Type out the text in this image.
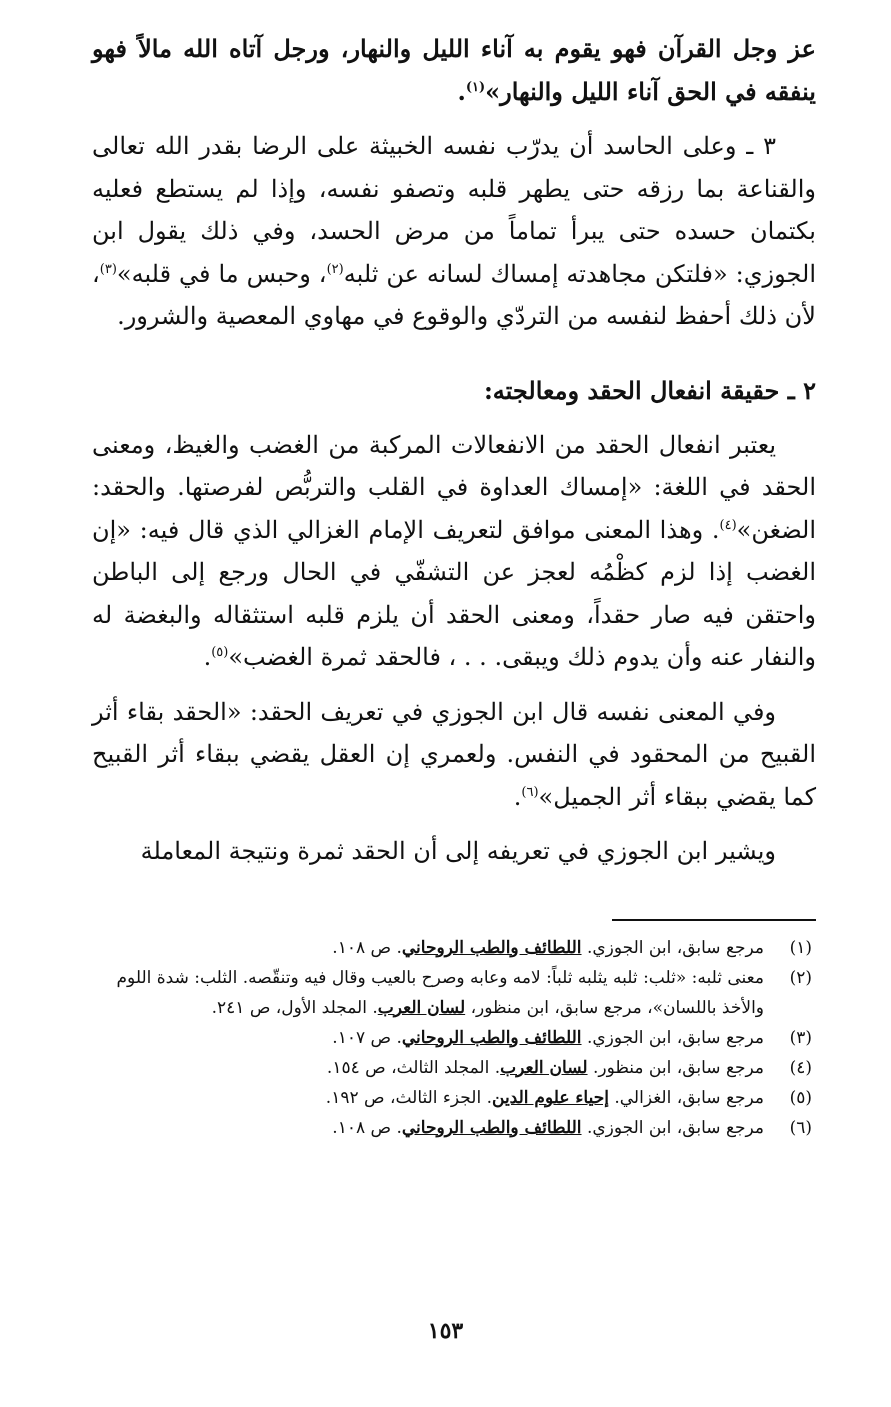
عز وجل القرآن فهو يقوم به آناء الليل والنهار، ورجل آتاه الله مالاً فهو ينفقه في الحق آناء الليل والنهار»$^{(١)}$.

٣ ـ وعلى الحاسد أن يدرّب نفسه الخبيثة على الرضا بقدر الله تعالى والقناعة بما رزقه حتى يطهر قلبه وتصفو نفسه، وإذا لم يستطع فعليه بكتمان حسده حتى يبرأ تماماً من مرض الحسد، وفي ذلك يقول ابن الجوزي: «فلتكن مجاهدته إمساك لسانه عن ثلبه$^{(٢)}$، وحبس ما في قلبه»$^{(٣)}$، لأن ذلك أحفظ لنفسه من التردّي والوقوع في مهاوي المعصية والشرور.

٢ ـ حقيقة انفعال الحقد ومعالجته:

يعتبر انفعال الحقد من الانفعالات المركبة من الغضب والغيظ، ومعنى الحقد في اللغة: «إمساك العداوة في القلب والتربُّص لفرصتها. والحقد: الضغن»$^{(٤)}$. وهذا المعنى موافق لتعريف الإمام الغزالي الذي قال فيه: «إن الغضب إذا لزم كظْمُه لعجز عن التشفّي في الحال ورجع إلى الباطن واحتقن فيه صار حقداً، ومعنى الحقد أن يلزم قلبه استثقاله والبغضة له والنفار عنه وأن يدوم ذلك ويبقى. . . ، فالحقد ثمرة الغضب»$^{(٥)}$.

وفي المعنى نفسه قال ابن الجوزي في تعريف الحقد: «الحقد بقاء أثر القبيح من المحقود في النفس. ولعمري إن العقل يقضي ببقاء أثر القبيح كما يقضي ببقاء أثر الجميل»$^{(٦)}$.

ويشير ابن الجوزي في تعريفه إلى أن الحقد ثمرة ونتيجة المعاملة

(١)
مرجع سابق، ابن الجوزي. اللطائف والطب الروحاني. ص ١٠٨.
(٢)
معنى ثلبه: «ثلب: ثلبه يثلبه ثلباً: لامه وعابه وصرح بالعيب وقال فيه وتنقّصه. الثلب: شدة اللوم والأخذ باللسان»، مرجع سابق، ابن منظور، لسان العرب. المجلد الأول، ص ٢٤١.
(٣)
مرجع سابق، ابن الجوزي. اللطائف والطب الروحاني. ص ١٠٧.
(٤)
مرجع سابق، ابن منظور. لسان العرب. المجلد الثالث، ص ١٥٤.
(٥)
مرجع سابق، الغزالي. إحياء علوم الدين. الجزء الثالث، ص ١٩٢.
(٦)
مرجع سابق، ابن الجوزي. اللطائف والطب الروحاني. ص ١٠٨.
١٥٣
